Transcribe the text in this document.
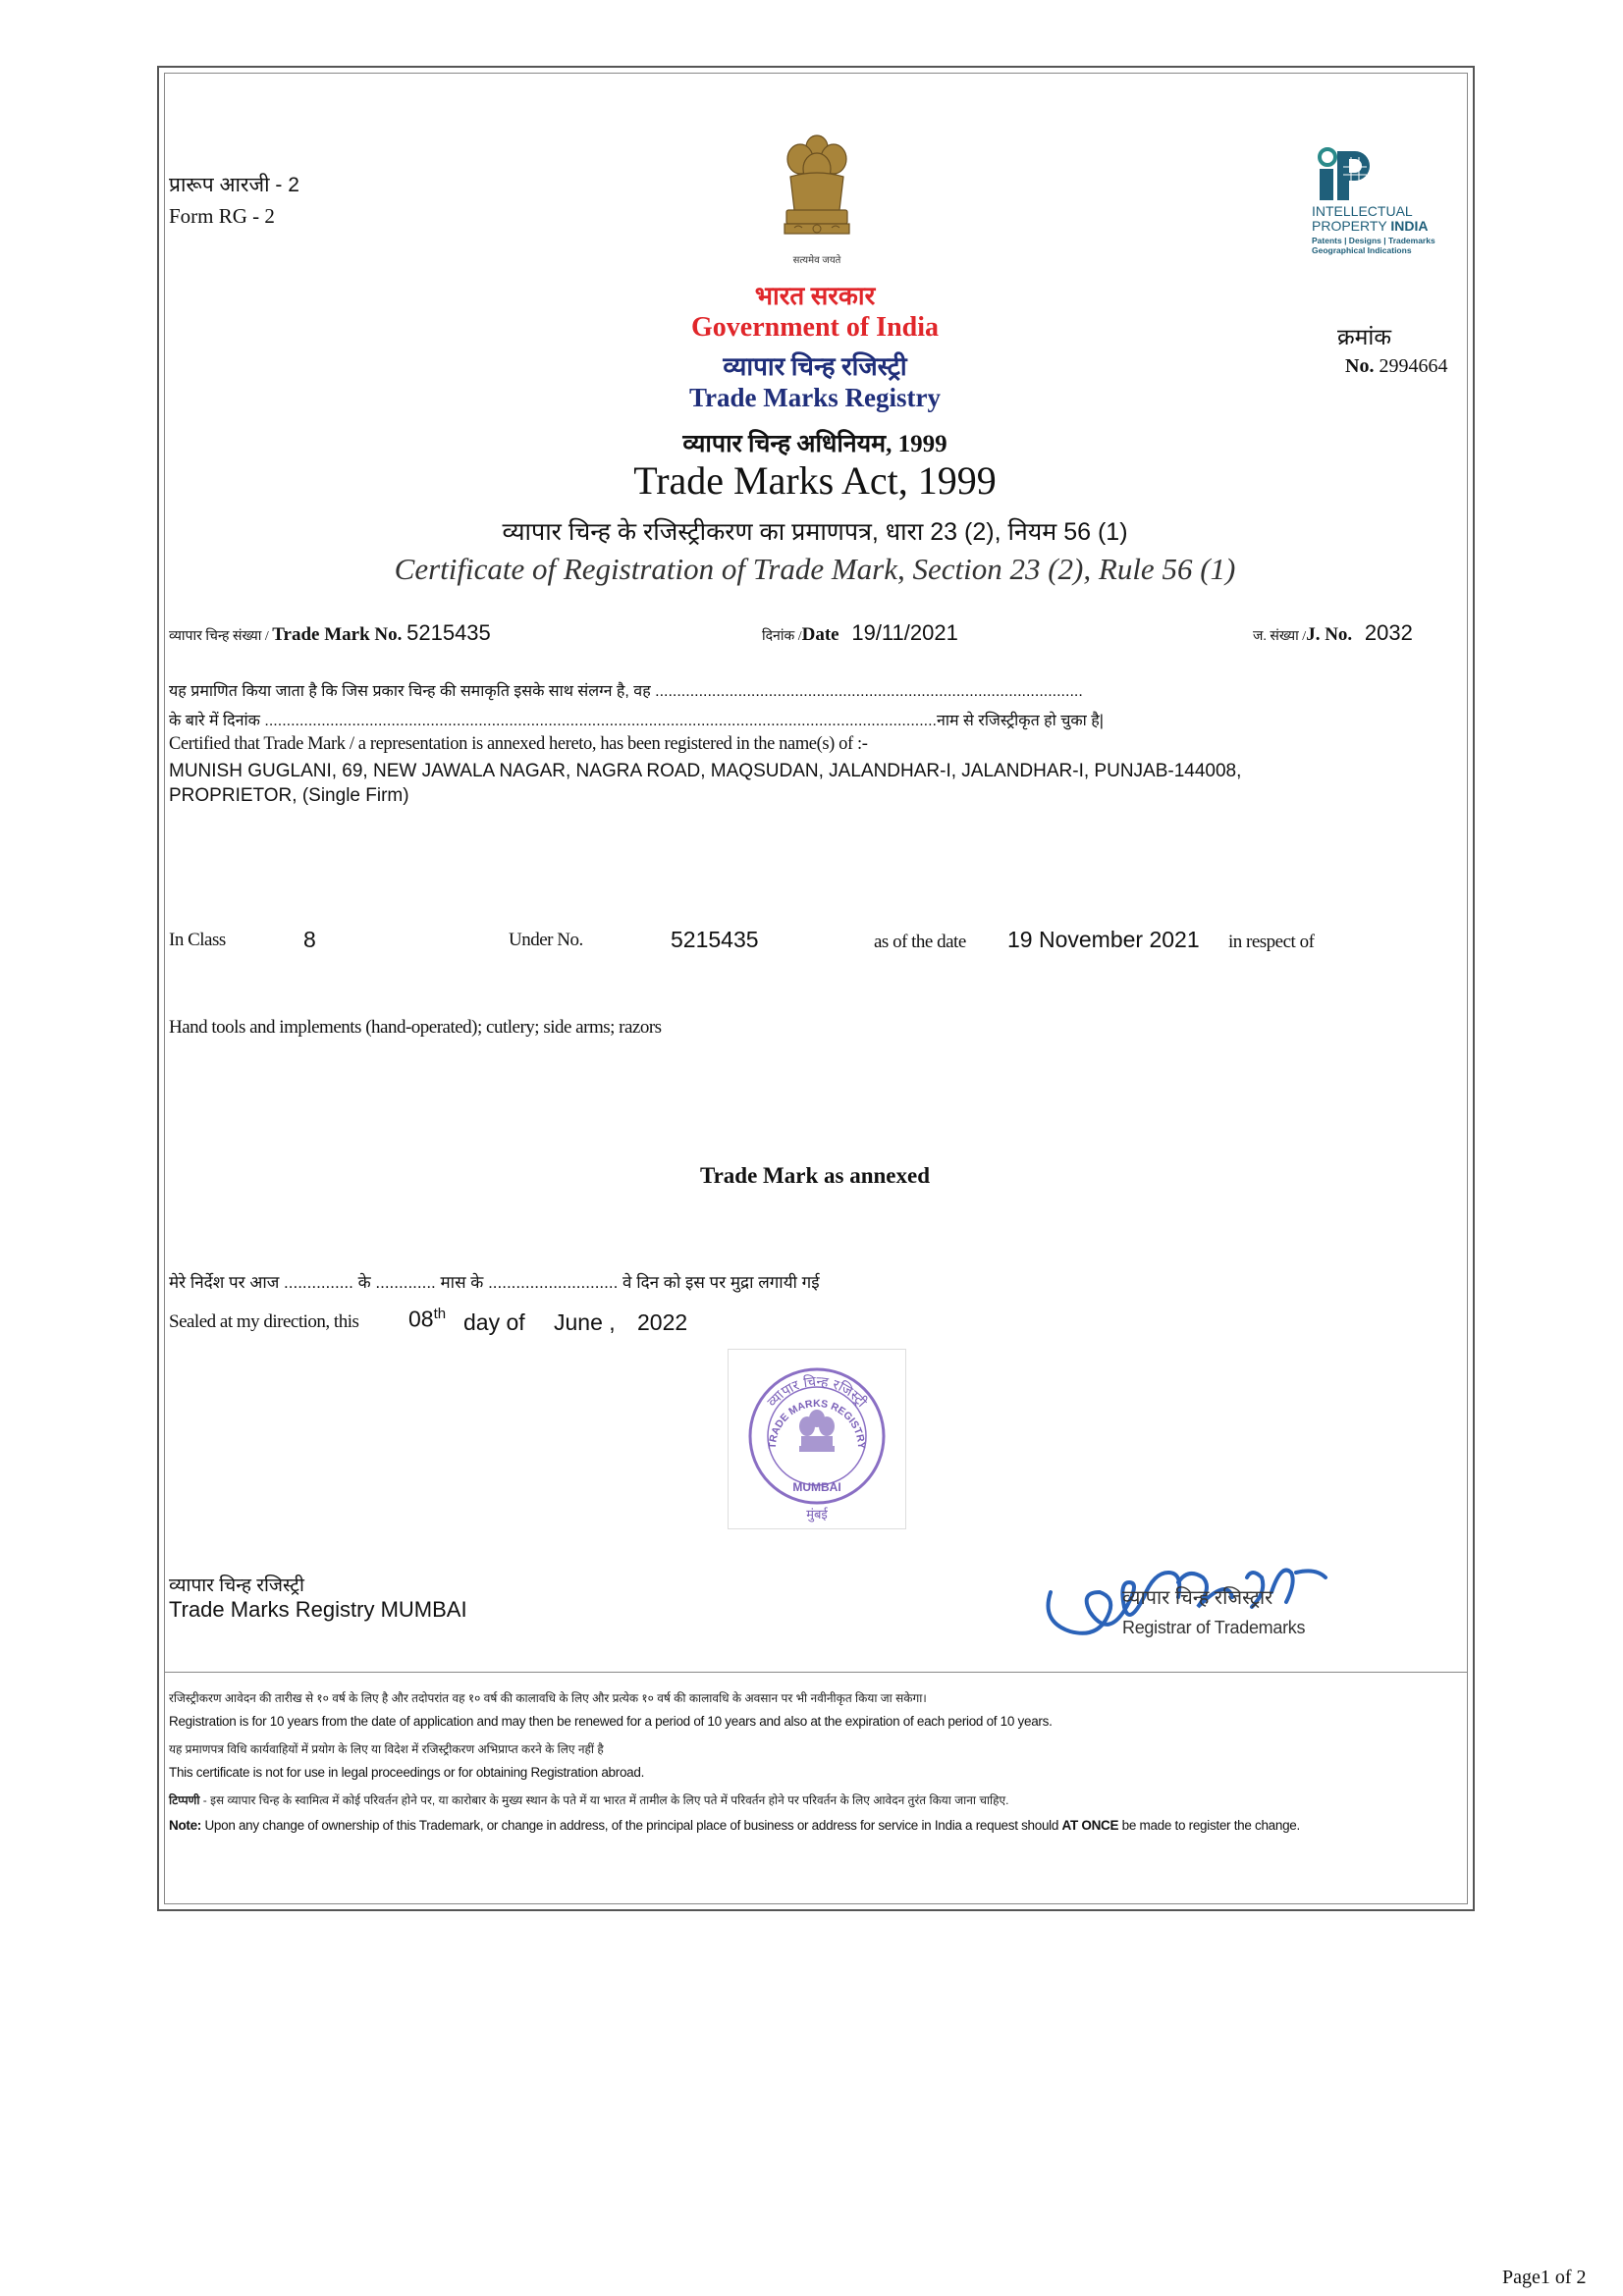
प्रारूप आरजी - 2
Form RG - 2
सत्यमेव जयते
INTELLECTUAL
PROPERTY INDIA
Patents | Designs | Trademarks
Geographical Indications
भारत सरकार
Government of India
व्यापार चिन्ह रजिस्ट्री
Trade Marks Registry
व्यापार चिन्ह अधिनियम, 1999
Trade Marks Act, 1999
व्यापार चिन्ह के रजिस्ट्रीकरण का प्रमाणपत्र, धारा 23 (2), नियम 56 (1)
Certificate of Registration of Trade Mark, Section 23 (2), Rule 56 (1)
क्रमांक
No. 2994664
व्यापार चिन्ह संख्या / Trade Mark No. 5215435	दिनांक /Date 19/11/2021	ज. संख्या /J. No. 2032
यह प्रमाणित किया जाता है कि जिस प्रकार चिन्ह की समाकृति इसके साथ संलग्न है, वह ..................................................................................................
के बारे में दिनांक ..........................................................................................................................................................नाम से रजिस्ट्रीकृत हो चुका है|
Certified that Trade Mark / a representation is annexed hereto, has been registered in the name(s) of :-
MUNISH GUGLANI, 69, NEW JAWALA NAGAR, NAGRA ROAD, MAQSUDAN, JALANDHAR-I, JALANDHAR-I, PUNJAB-144008,
PROPRIETOR, (Single Firm)
In Class	8	Under No.	5215435	as of the date 19 November 2021 in respect of
Hand tools and implements (hand-operated); cutlery; side arms; razors
Trade Mark as annexed
मेरे निर्देश पर आज ............... के ............. मास के ............................ वे दिन को इस पर मुद्रा लगायी गई
Sealed at my direction, this 08th day of June , 2022
व्यापार चिन्ह रजिस्ट्री
TRADE MARKS REGISTRY
MUMBAI
मुंबई
व्यापार चिन्ह रजिस्ट्री
Trade Marks Registry MUMBAI	व्यापार चिन्ह रजिस्ट्रार
Registrar of Trademarks
रजिस्ट्रीकरण आवेदन की तारीख से १० वर्ष के लिए है और तदोपरांत वह १० वर्ष की कालावधि के लिए और प्रत्येक १० वर्ष की कालावधि के अवसान पर भी नवीनीकृत किया जा सकेगा।
Registration is for 10 years from the date of application and may then be renewed for a period of 10 years and also at the expiration of each period of 10 years.
यह प्रमाणपत्र विधि कार्यवाहियों में प्रयोग के लिए या विदेश में रजिस्ट्रीकरण अभिप्राप्त करने के लिए नहीं है
This certificate is not for use in legal proceedings or for obtaining Registration abroad.
टिप्पणी - इस व्यापार चिन्ह के स्वामित्व में कोई परिवर्तन होने पर, या कारोबार के मुख्य स्थान के पते में या भारत में तामील के लिए पते में परिवर्तन होने पर परिवर्तन के लिए आवेदन तुरंत किया जाना चाहिए.
Note: Upon any change of ownership of this Trademark, or change in address, of the principal place of business or address for service in India a request should AT ONCE be made to register the change.
Page1 of 2
